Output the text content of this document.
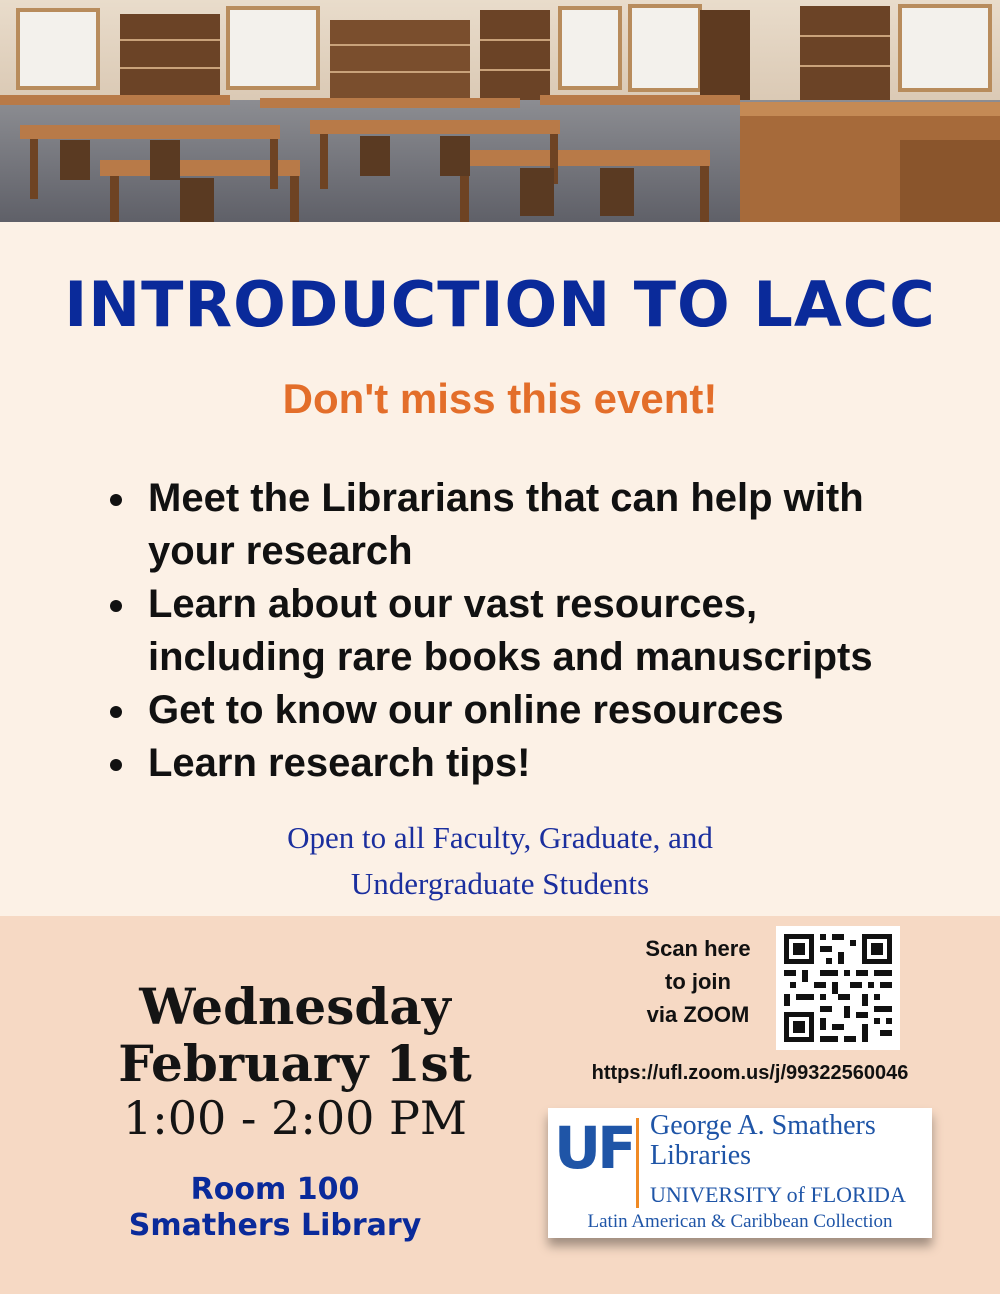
INTRODUCTION TO LACC
Don't miss this event!
Meet the Librarians that can help with your research
Learn about our vast resources, including rare books and manuscripts
Get to know our online resources
Learn research tips!
Open to all Faculty, Graduate, and
Undergraduate Students
Wednesday
February 1st
1:00 - 2:00 PM
Room 100
Smathers Library
Scan here
to join
via ZOOM
https://ufl.zoom.us/j/99322560046
UF George A. Smathers
Libraries
UNIVERSITY of FLORIDA
Latin American & Caribbean Collection
